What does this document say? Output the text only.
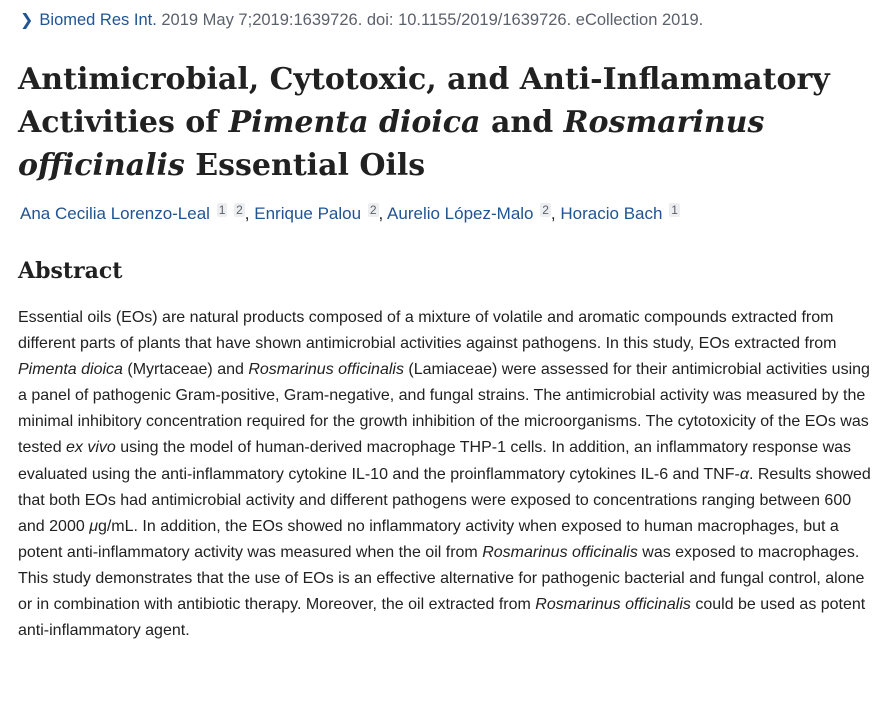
❯ Biomed Res Int. 2019 May 7;2019:1639726. doi: 10.1155/2019/1639726. eCollection 2019.
Antimicrobial, Cytotoxic, and Anti-Inflammatory Activities of Pimenta dioica and Rosmarinus officinalis Essential Oils
Ana Cecilia Lorenzo-Leal $^1$ $^2$ , Enrique Palou $^2$ , Aurelio López-Malo $^2$ , Horacio Bach $^1$
Abstract

Essential oils (EOs) are natural products composed of a mixture of volatile and aromatic compounds extracted from different parts of plants that have shown antimicrobial activities against pathogens. In this study, EOs extracted from Pimenta dioica (Myrtaceae) and Rosmarinus officinalis (Lamiaceae) were assessed for their antimicrobial activities using a panel of pathogenic Gram-positive, Gram-negative, and fungal strains. The antimicrobial activity was measured by the minimal inhibitory concentration required for the growth inhibition of the microorganisms. The cytotoxicity of the EOs was tested ex vivo using the model of human-derived macrophage THP-1 cells. In addition, an inflammatory response was evaluated using the anti-inflammatory cytokine IL-10 and the proinflammatory cytokines IL-6 and TNF-α. Results showed that both EOs had antimicrobial activity and different pathogens were exposed to concentrations ranging between 600 and 2000 μg/mL. In addition, the EOs showed no inflammatory activity when exposed to human macrophages, but a potent anti-inflammatory activity was measured when the oil from Rosmarinus officinalis was exposed to macrophages. This study demonstrates that the use of EOs is an effective alternative for pathogenic bacterial and fungal control, alone or in combination with antibiotic therapy. Moreover, the oil extracted from Rosmarinus officinalis could be used as potent anti-inflammatory agent.
